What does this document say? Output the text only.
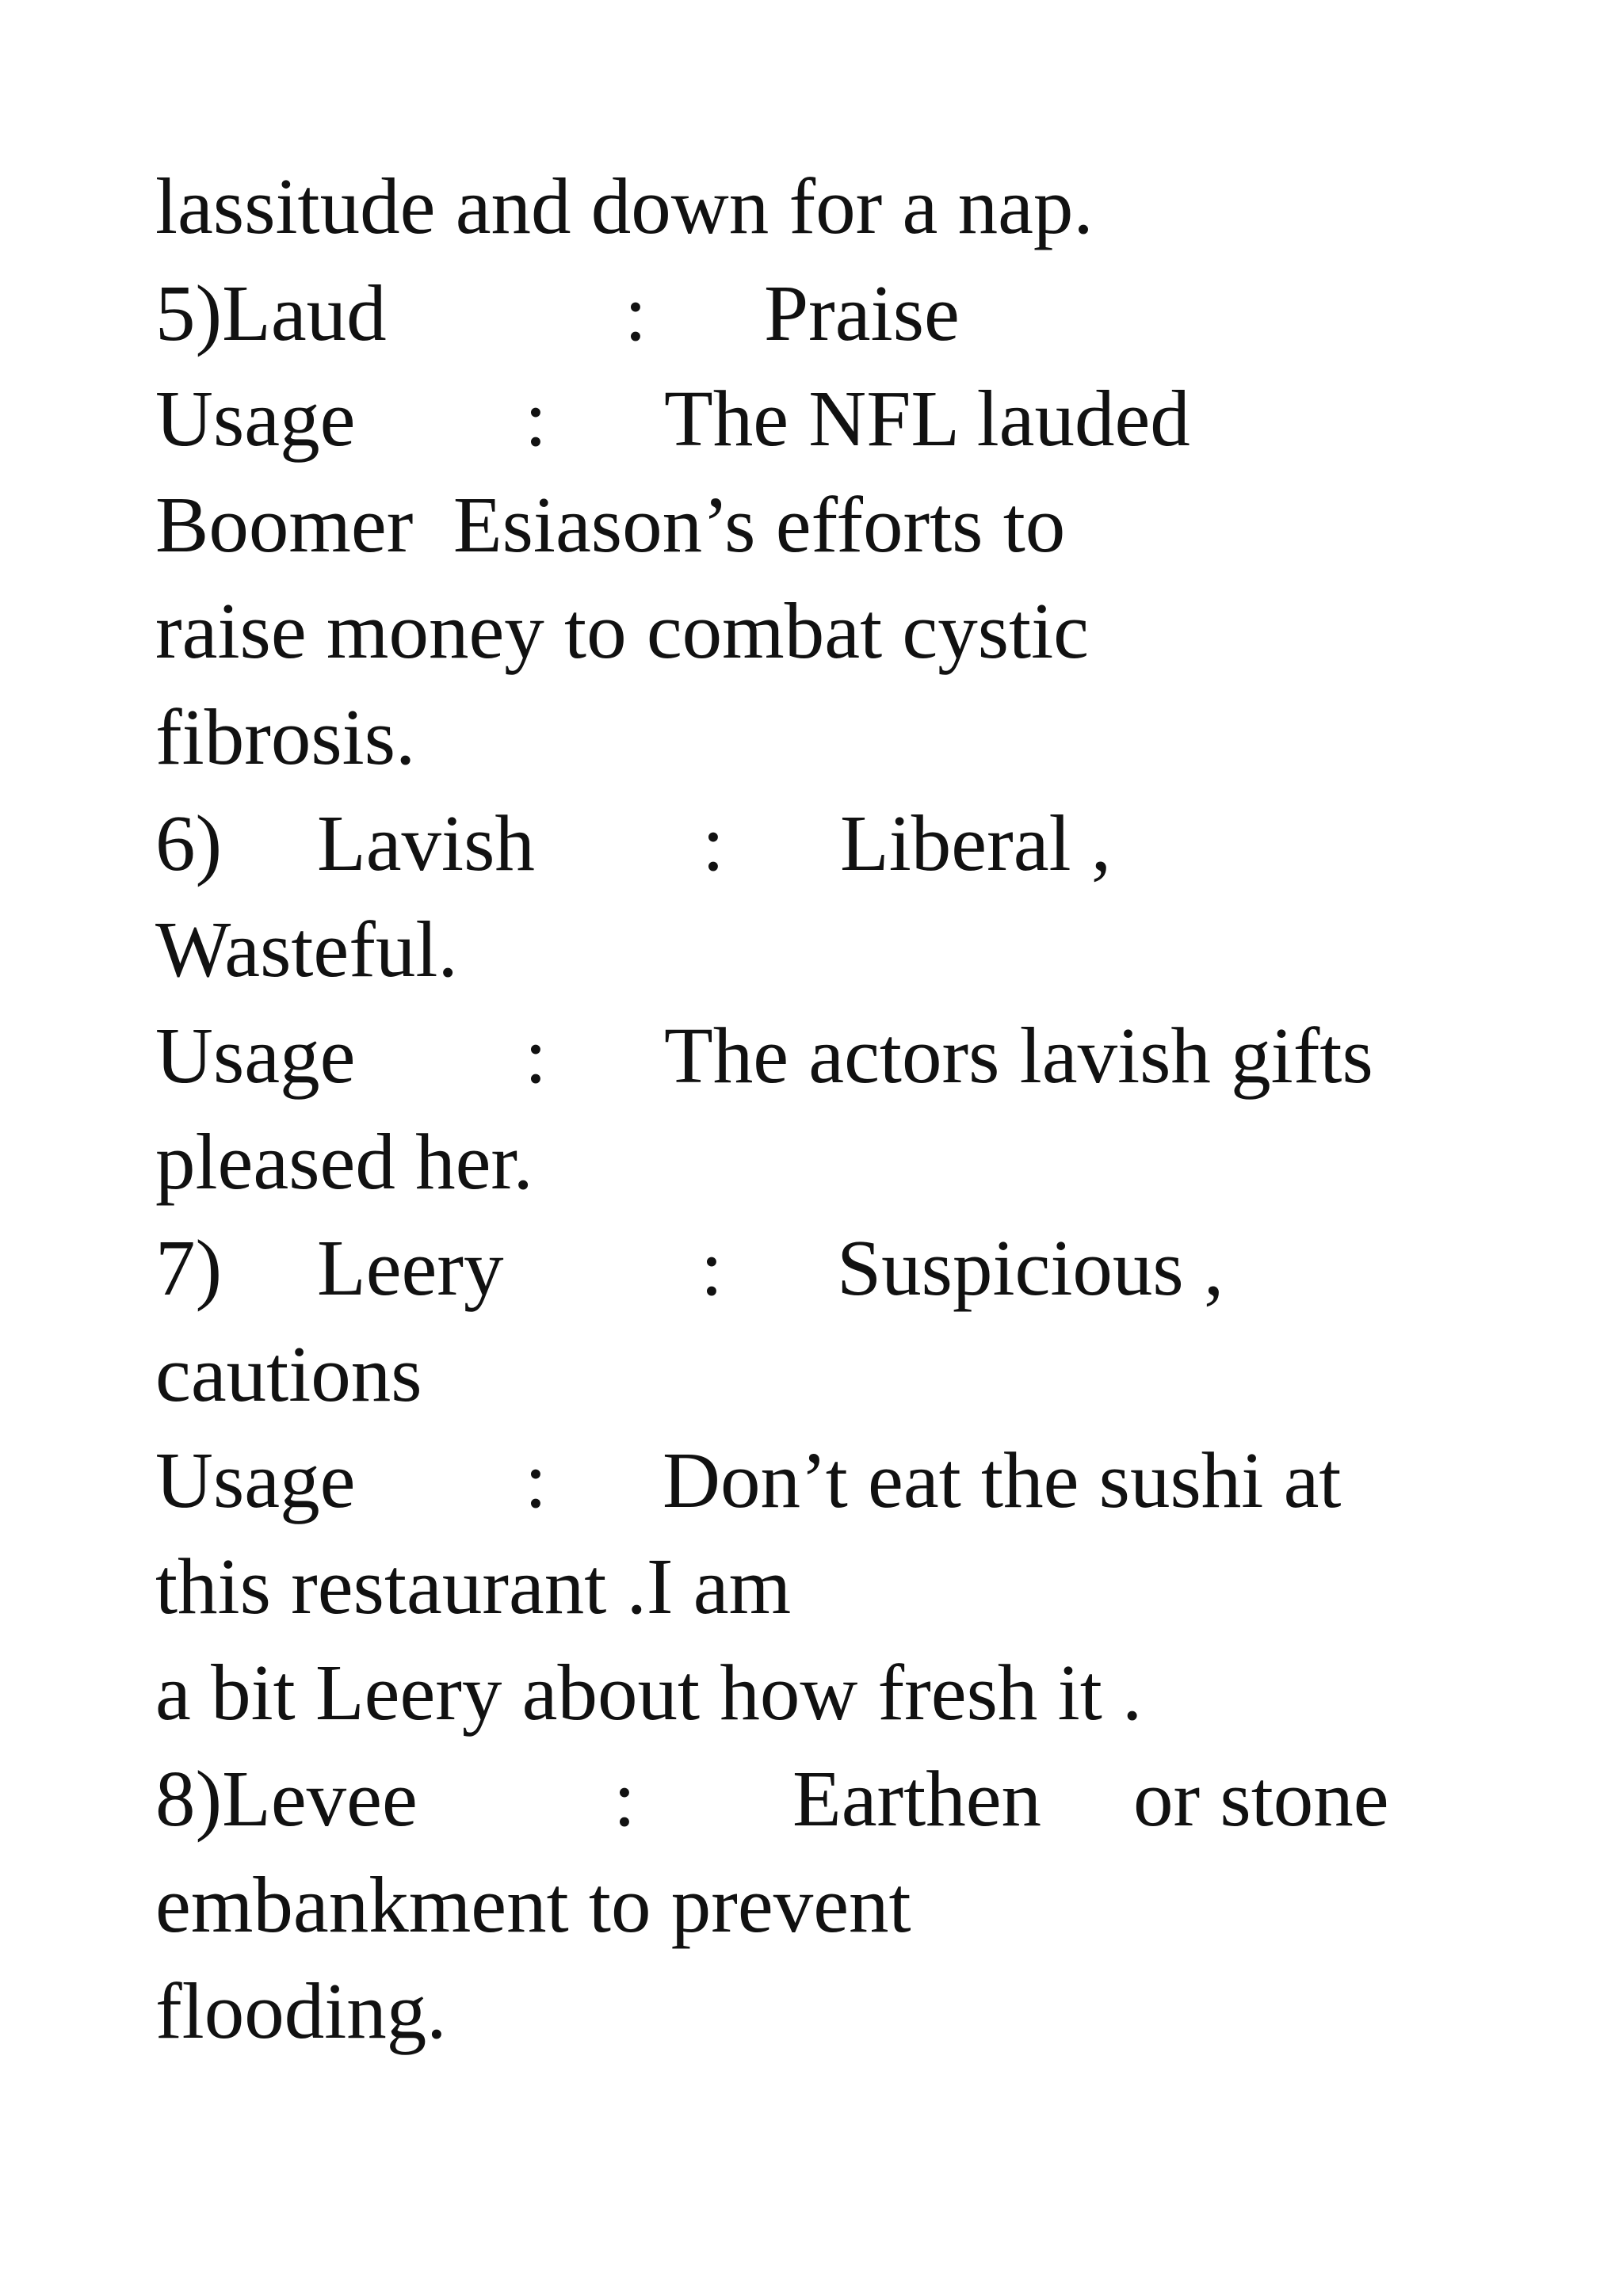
lassitude and down for a nap.

5)Laud	: Praise

Usage : The NFL lauded

Boomer  Esiason’s efforts to

raise money to combat cystic

fibrosis.

6) Lavish : Liberal ,

Wasteful.

Usage : The actors lavish gifts

pleased her.

7) Leery : Suspicious ,

cautions

Usage : Don’t eat the sushi at

this restaurant .I am

a bit Leery about how fresh it .

8)Levee : Earthen or stone

embankment to prevent

flooding.
